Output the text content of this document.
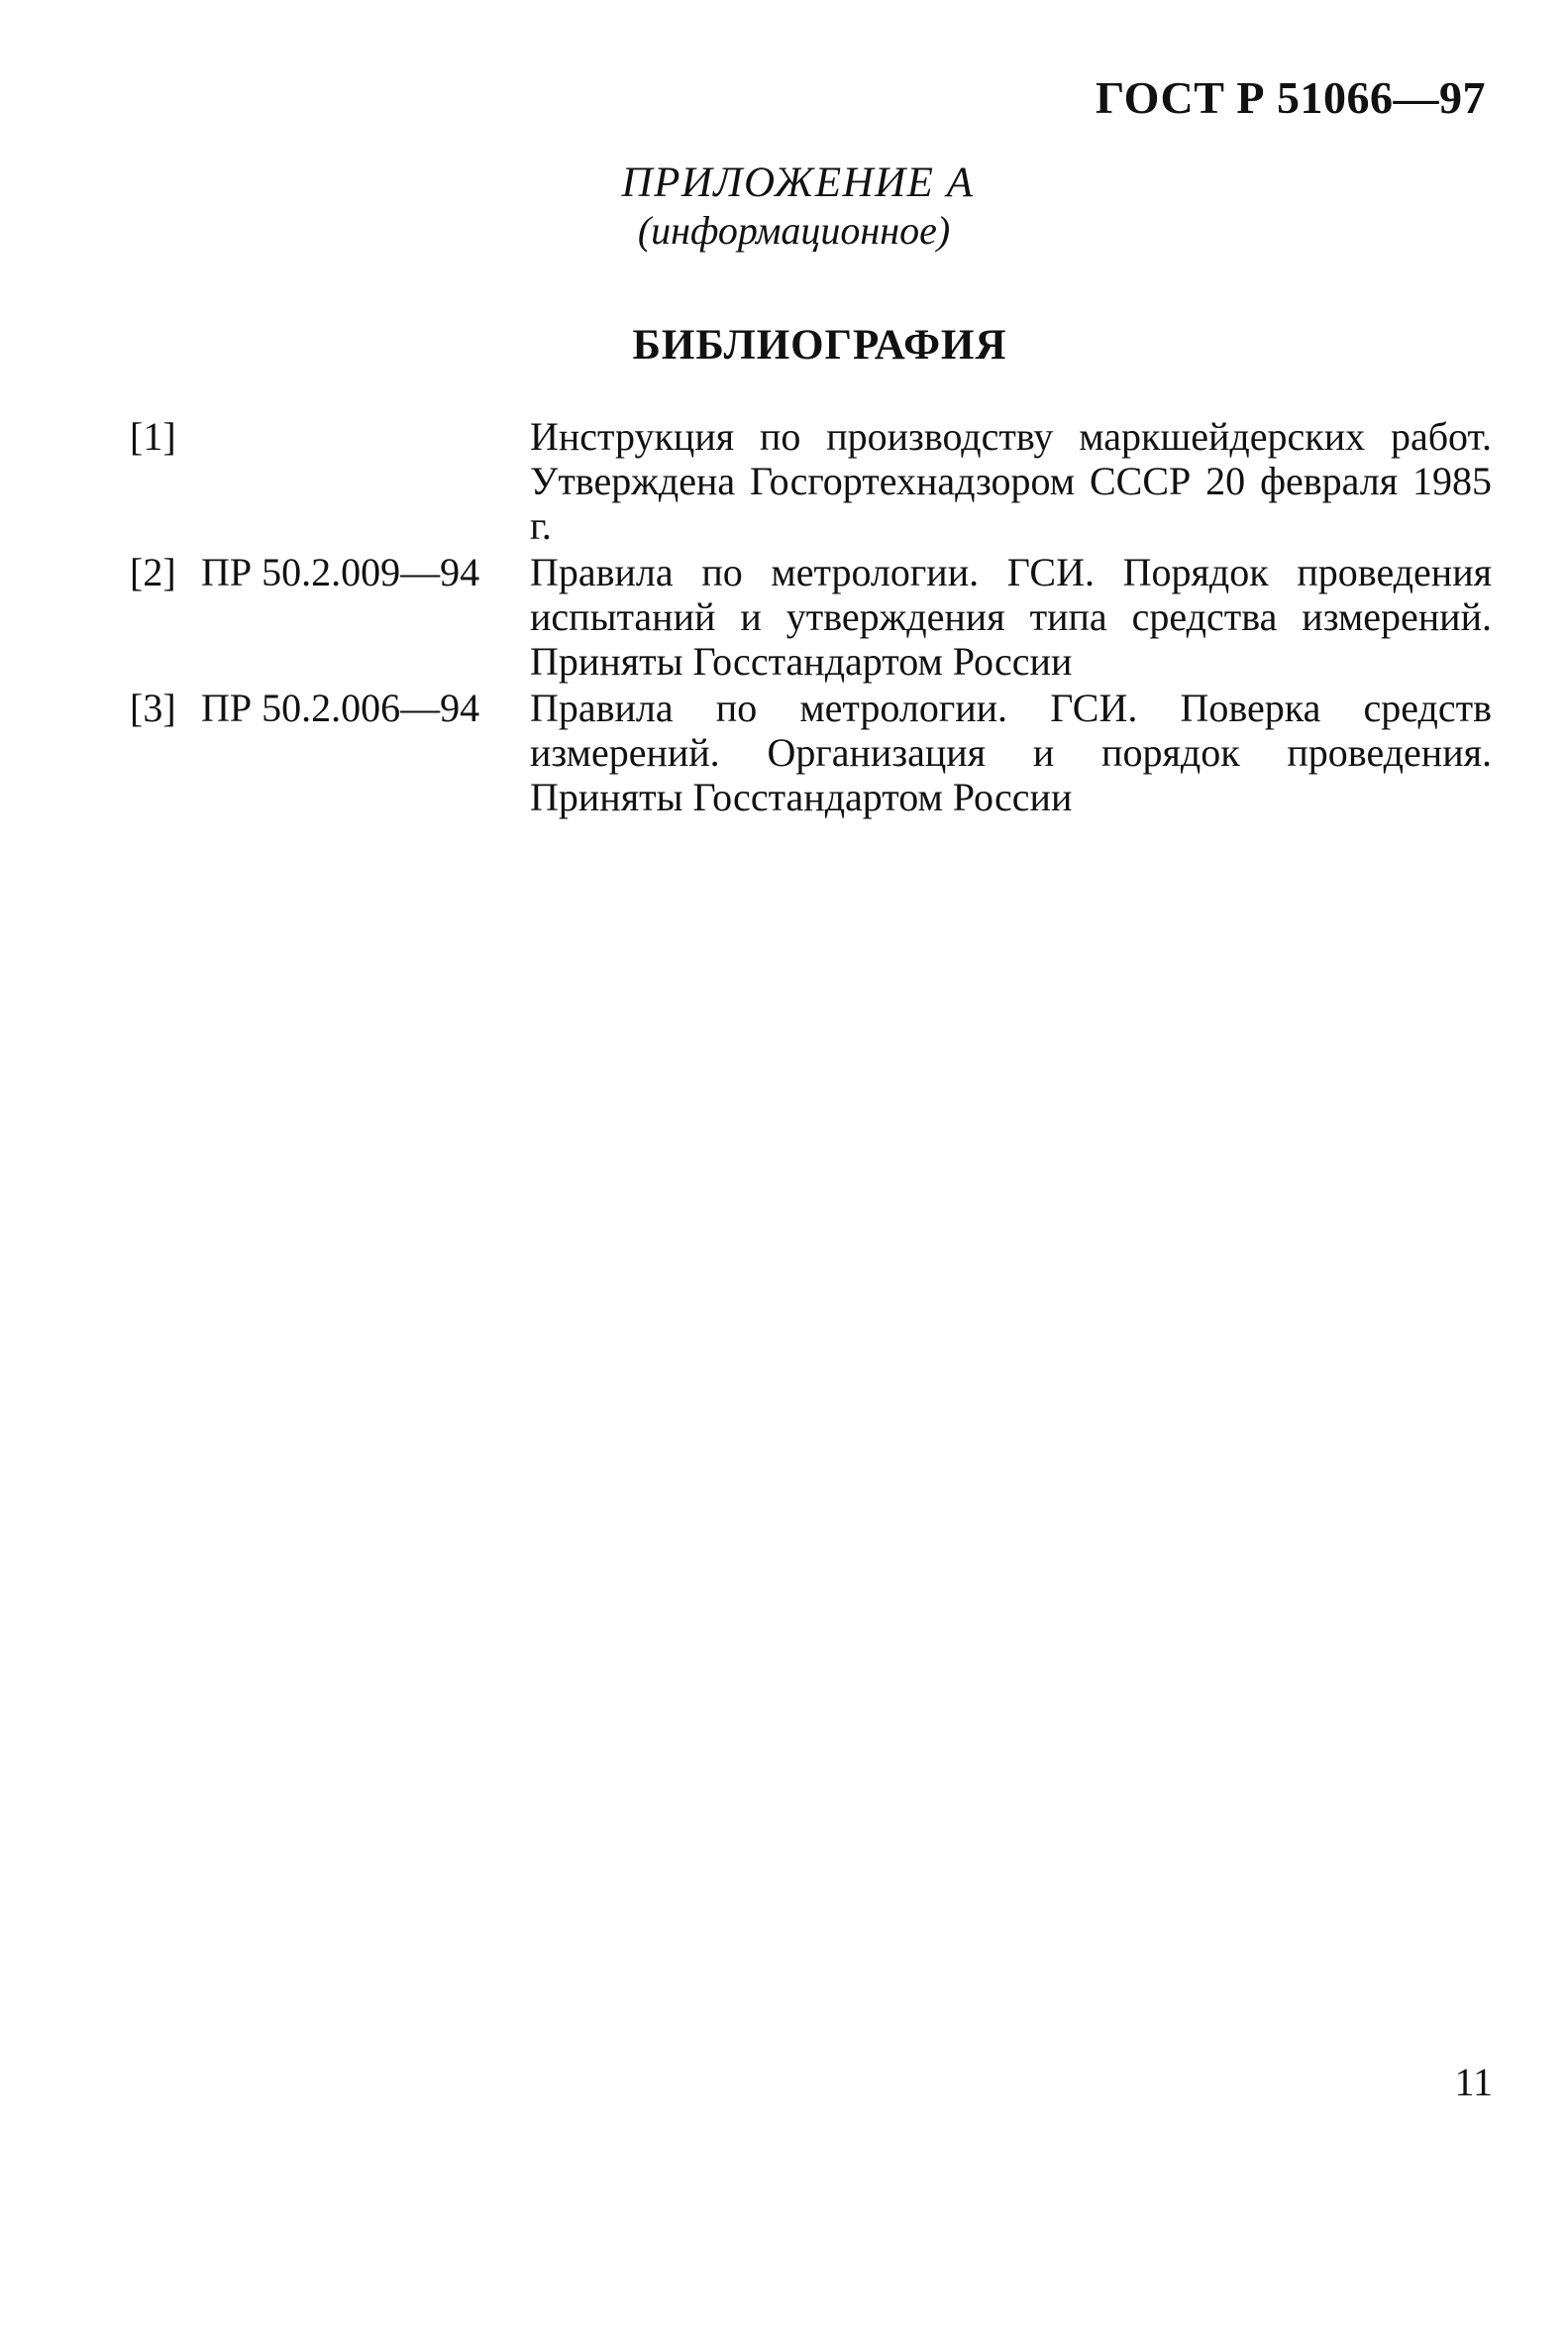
ГОСТ Р 51066—97
ПРИЛОЖЕНИЕ А
(информационное)
БИБЛИОГРАФИЯ
[1]	Инструкция по производству маркшейдерских работ. Утверждена Госгортехнадзором СССР 20 февраля 1985 г.
[2] ПР 50.2.009—94	Правила по метрологии. ГСИ. Порядок проведения испытаний и утверждения типа средства измерений. Приняты Госстандартом России
[3] ПР 50.2.006—94	Правила по метрологии. ГСИ. Поверка средств измерений. Организация и порядок проведения. Приняты Госстандартом России
11
